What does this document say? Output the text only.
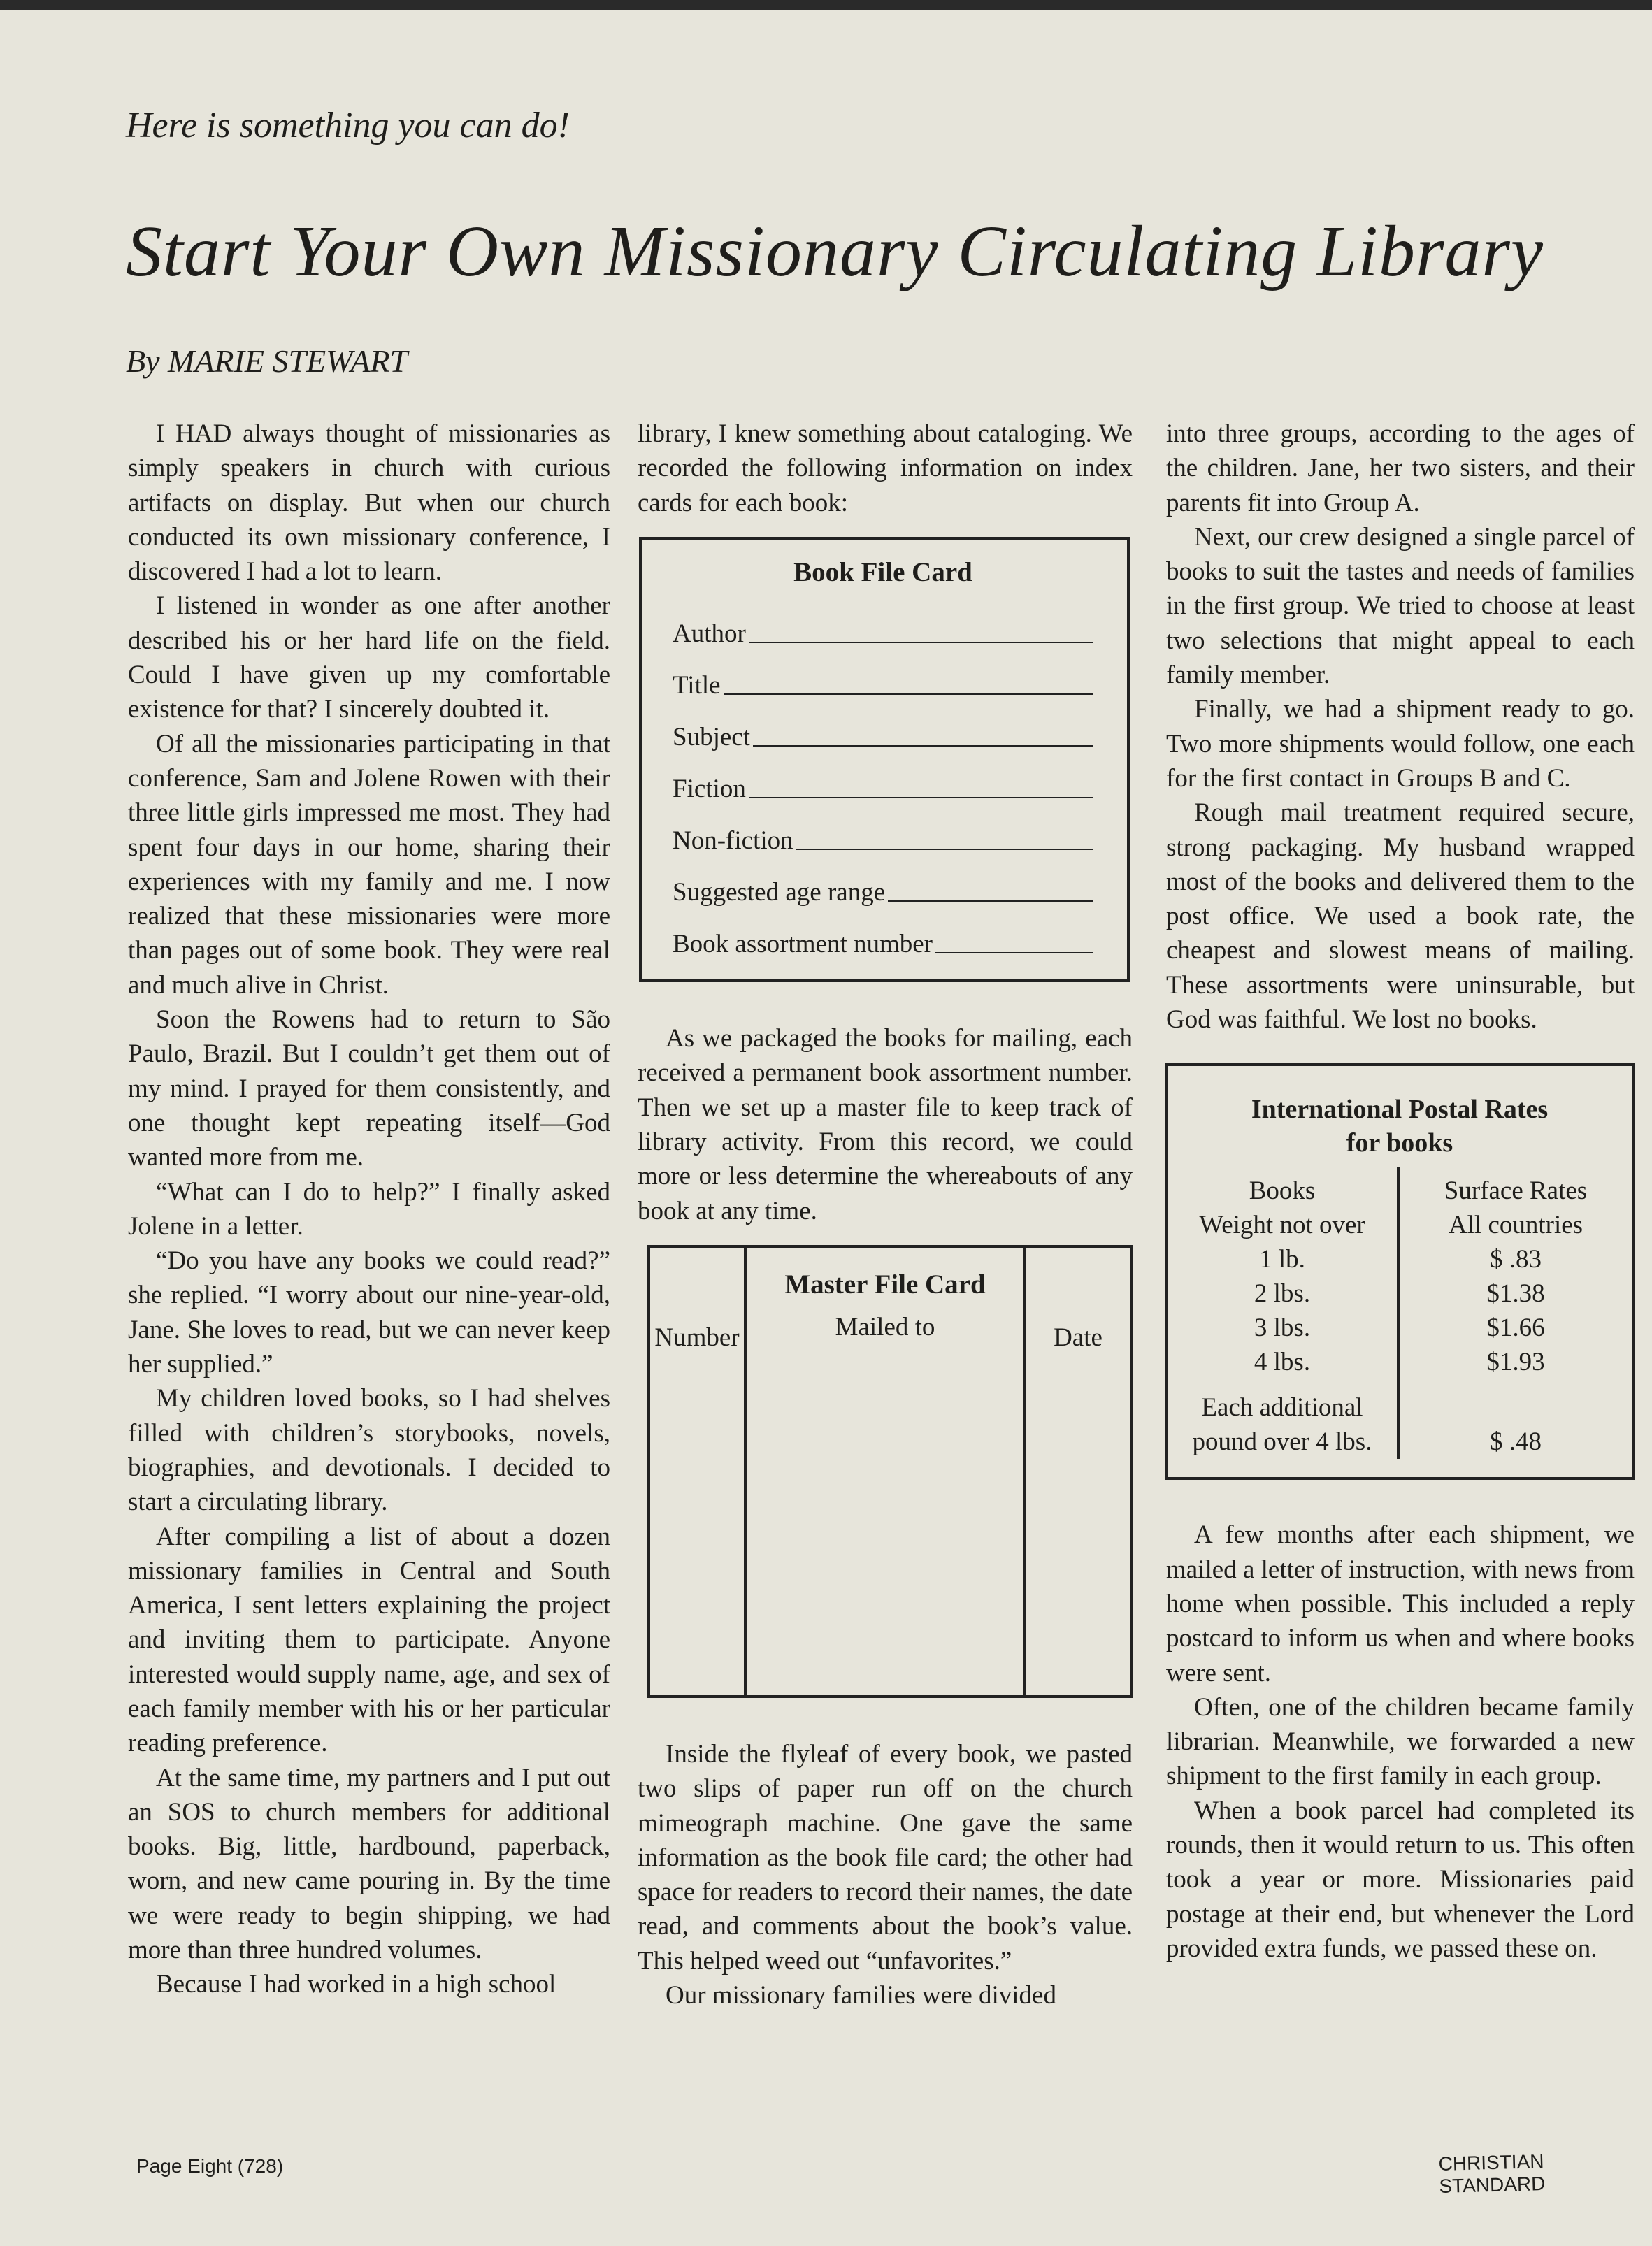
Here is something you can do!
Start Your Own Missionary Circulating Library
By MARIE STEWART

I HAD always thought of missionaries as simply speakers in church with curious artifacts on display. But when our church conducted its own missionary conference, I discovered I had a lot to learn.

I listened in wonder as one after another described his or her hard life on the field. Could I have given up my comfortable existence for that? I sincerely doubted it.

Of all the missionaries participating in that conference, Sam and Jolene Rowen with their three little girls impressed me most. They had spent four days in our home, sharing their experiences with my family and me. I now realized that these missionaries were more than pages out of some book. They were real and much alive in Christ.

Soon the Rowens had to return to São Paulo, Brazil. But I couldn’t get them out of my mind. I prayed for them consistently, and one thought kept repeating itself—God wanted more from me.

“What can I do to help?” I finally asked Jolene in a letter.

“Do you have any books we could read?” she replied. “I worry about our nine-year-old, Jane. She loves to read, but we can never keep her supplied.”

My children loved books, so I had shelves filled with children’s storybooks, novels, biographies, and devotionals. I decided to start a circulating library.

After compiling a list of about a dozen missionary families in Central and South America, I sent letters explaining the project and inviting them to participate. Anyone interested would supply name, age, and sex of each family member with his or her particular reading preference.

At the same time, my partners and I put out an SOS to church members for additional books. Big, little, hardbound, paperback, worn, and new came pouring in. By the time we were ready to begin shipping, we had more than three hundred volumes.

Because I had worked in a high school

library, I knew something about cataloging. We recorded the following information on index cards for each book:

Book File Card
Author
Title
Subject
Fiction
Non-fiction
Suggested age range
Book assortment number

As we packaged the books for mailing, each received a permanent book assortment number. Then we set up a master file to keep track of library activity. From this record, we could more or less determine the whereabouts of any book at any time.

Number
Master File Card
Mailed to	Date

Inside the flyleaf of every book, we pasted two slips of paper run off on the church mimeograph machine. One gave the same information as the book file card; the other had space for readers to record their names, the date read, and comments about the book’s value. This helped weed out “unfavorites.”

Our missionary families were divided

into three groups, according to the ages of the children. Jane, her two sisters, and their parents fit into Group A.

Next, our crew designed a single parcel of books to suit the tastes and needs of families in the first group. We tried to choose at least two selections that might appeal to each family member.

Finally, we had a shipment ready to go. Two more shipments would follow, one each for the first contact in Groups B and C.

Rough mail treatment required secure, strong packaging. My husband wrapped most of the books and delivered them to the post office. We used a book rate, the cheapest and slowest means of mailing. These assortments were uninsurable, but God was faithful. We lost no books.

International Postal Rates
for books
Books
Weight not over
1 lb.
2 lbs.
3 lbs.
4 lbs.
Each additional
pound over 4 lbs.
Surface Rates
All countries
$ .83
$1.38
$1.66
$1.93

$ .48

A few months after each shipment, we mailed a letter of instruction, with news from home when possible. This included a reply postcard to inform us when and where books were sent.

Often, one of the children became family librarian. Meanwhile, we forwarded a new shipment to the first family in each group.

When a book parcel had completed its rounds, then it would return to us. This often took a year or more. Missionaries paid postage at their end, but whenever the Lord provided extra funds, we passed these on.

Page Eight (728)	CHRISTIAN STANDARD
